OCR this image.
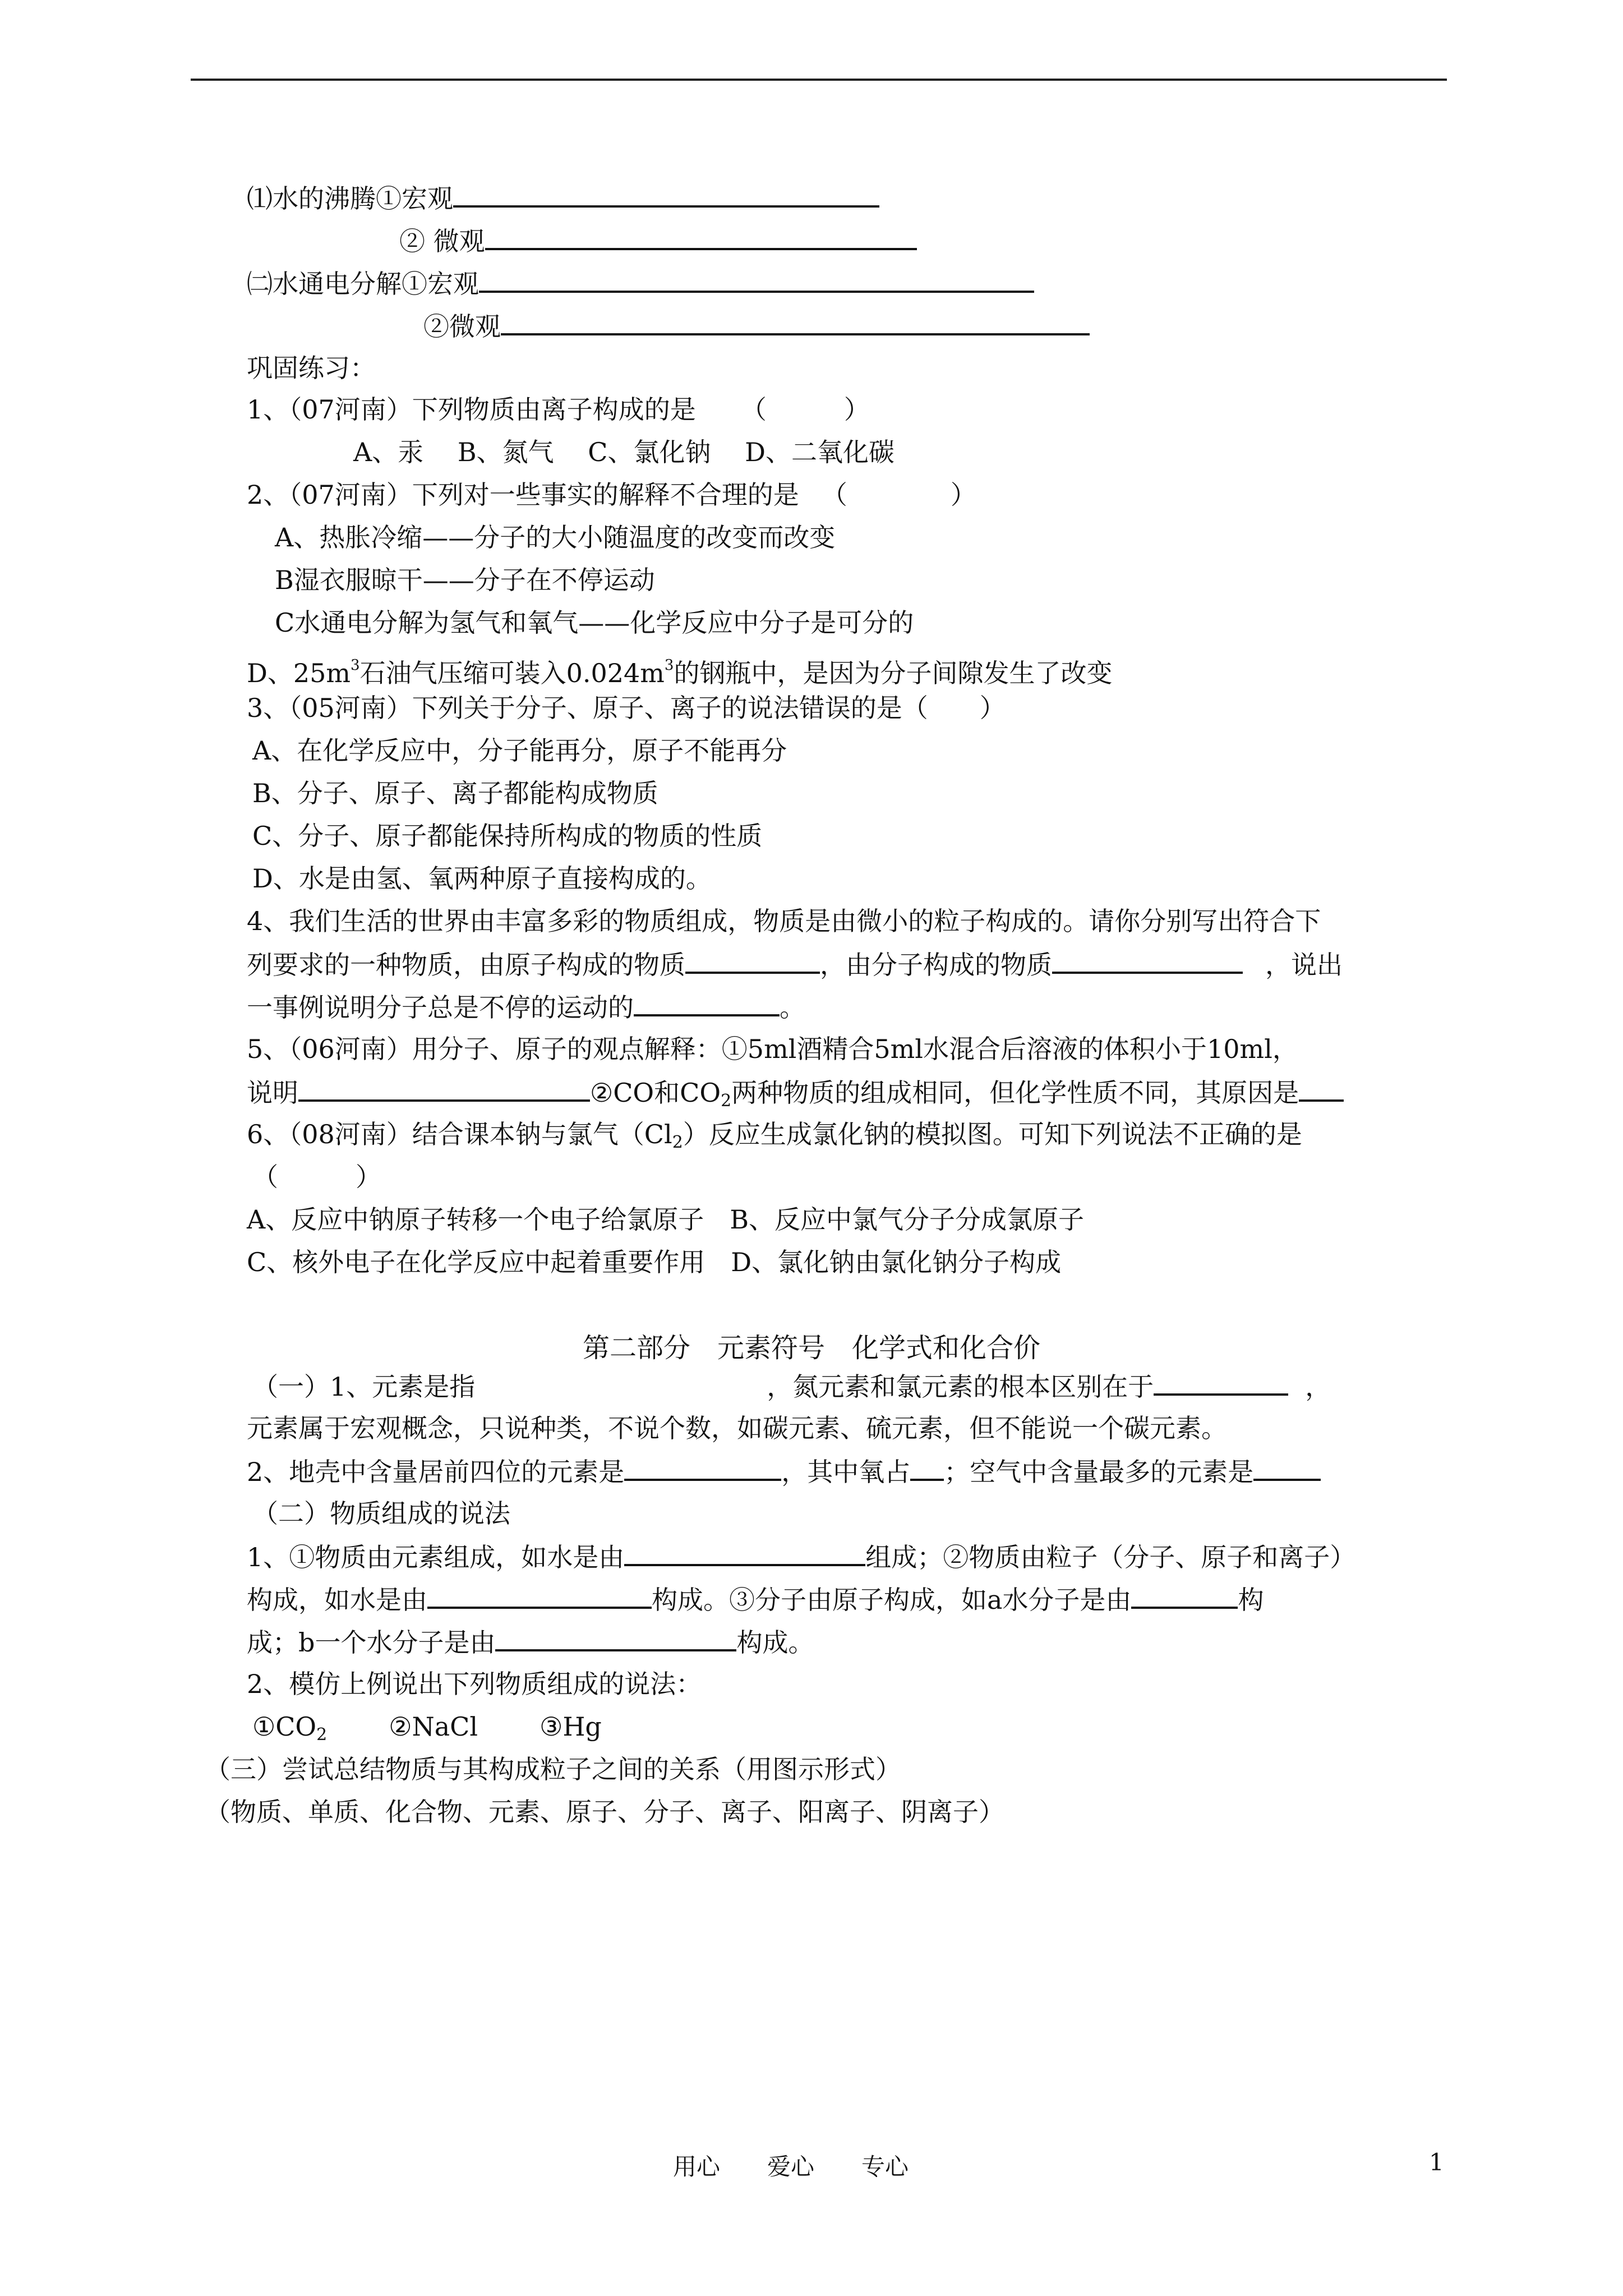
⑴水的沸腾①宏观
② 微观
㈡水通电分解①宏观
②微观
巩固练习：
1、（07河南）下列物质由离子构成的是 （　　　）
A、汞　 B、氮气　 C、氯化钠　 D、二氧化碳
2、（07河南）下列对一些事实的解释不合理的是 （　　　　）
A、热胀冷缩——分子的大小随温度的改变而改变
B湿衣服晾干——分子在不停运动
C水通电分解为氢气和氧气——化学反应中分子是可分的
D、$25m^3$石油气压缩可装入$0.024m^3$的钢瓶中，是因为分子间隙发生了改变
3、（05河南）下列关于分子、原子、离子的说法错误的是（　　）
A、在化学反应中，分子能再分，原子不能再分
B、分子、原子、离子都能构成物质
C、分子、原子都能保持所构成的物质的性质
D、水是由氢、氧两种原子直接构成的。
4、我们生活的世界由丰富多彩的物质组成，物质是由微小的粒子构成的。请你分别写出符合下
列要求的一种物质，由原子构成的物质	，由分子构成的物质	，说出
一事例说明分子总是不停的运动的	。
5、（06河南）用分子、原子的观点解释：①5ml酒精合5ml水混合后溶液的体积小于10ml，
说明	②CO和$CO_2$两种物质的组成相同，但化学性质不同，其原因是
6、（08河南）结合课本钠与氯气$(Cl_2)$反应生成氯化钠的模拟图。可知下列说法不正确的是
（　　　）
A、反应中钠原子转移一个电子给氯原子　B、反应中氯气分子分成氯原子
C、核外电子在化学反应中起着重要作用　D、氯化钠由氯化钠分子构成
第二部分　元素符号　化学式和化合价
（一）1、元素是指	，氮元素和氯元素的根本区别在于	，
元素属于宏观概念，只说种类，不说个数，如碳元素、硫元素，但不能说一个碳元素。
2、地壳中含量居前四位的元素是	，其中氧占 ；空气中含量最多的元素是
（二）物质组成的说法
1、①物质由元素组成，如水是由	组成；②物质由粒子（分子、原子和离子）
构成，如水是由	构成。③分子由原子构成，如a水分子是由	构
成；b一个水分子是由	构成。
2、模仿上例说出下列物质组成的说法：
$①CO_2$ ②NaCl ③Hg
（三）尝试总结物质与其构成粒子之间的关系（用图示形式）
（物质、单质、化合物、元素、原子、分子、离子、阳离子、阴离子）
用心　　爱心　　专心	1
